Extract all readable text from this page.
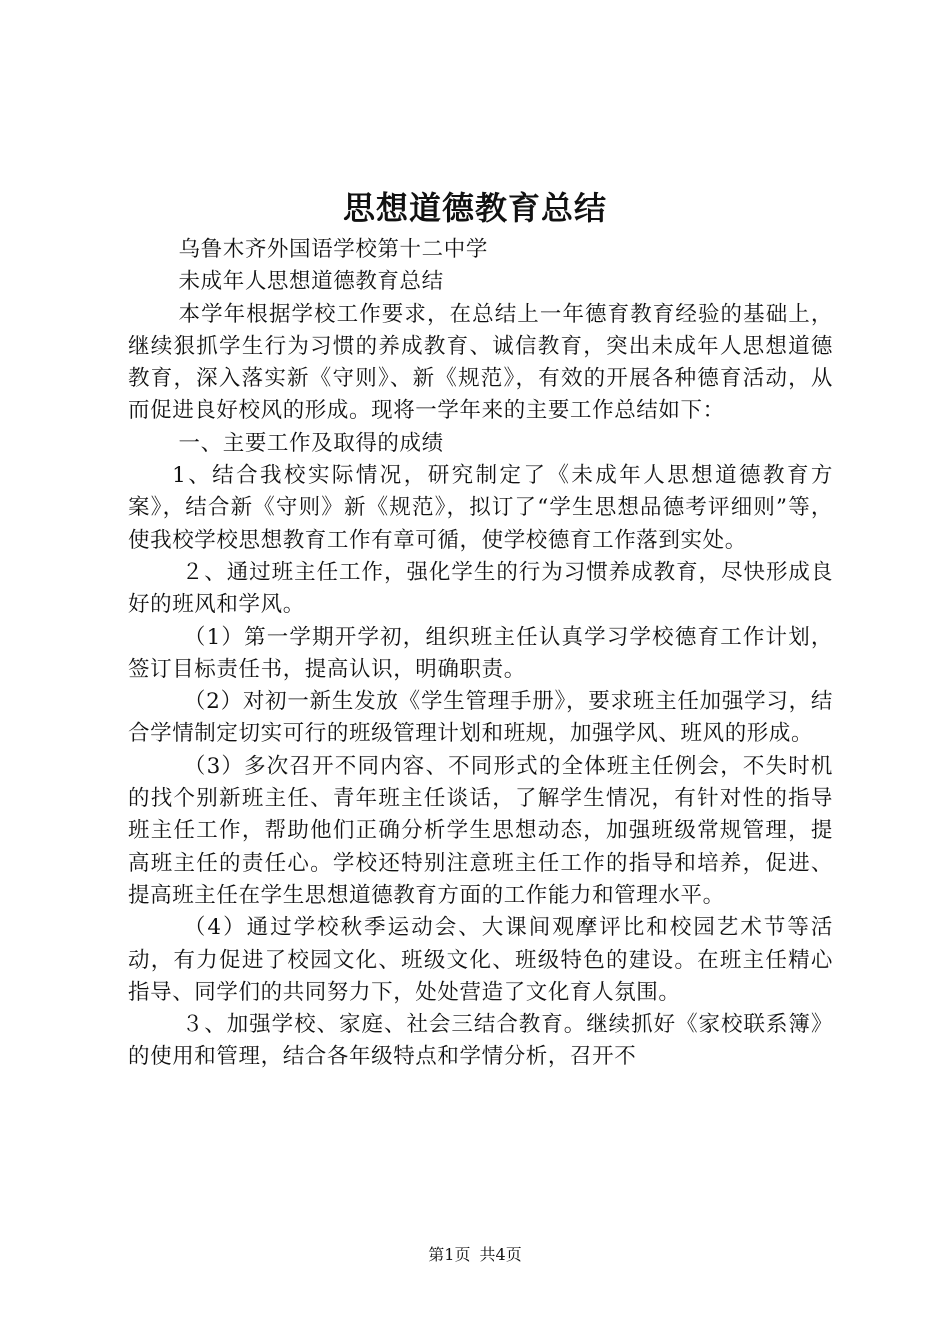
思想道德教育总结

乌鲁木齐外国语学校第十二中学

未成年人思想道德教育总结

本学年根据学校工作要求，在总结上一年德育教育经验的基础上，继续狠抓学生行为习惯的养成教育、诚信教育，突出未成年人思想道德教育，深入落实新《守则》、新《规范》，有效的开展各种德育活动，从而促进良好校风的形成。现将一学年来的主要工作总结如下：

一、主要工作及取得的成绩

1、结合我校实际情况，研究制定了《未成年人思想道德教育方案》，结合新《守则》新《规范》，拟订了“学生思想品德考评细则”等，使我校学校思想教育工作有章可循，使学校德育工作落到实处。

２、通过班主任工作，强化学生的行为习惯养成教育，尽快形成良好的班风和学风。

（1）第一学期开学初，组织班主任认真学习学校德育工作计划，签订目标责任书，提高认识，明确职责。

（2）对初一新生发放《学生管理手册》，要求班主任加强学习，结合学情制定切实可行的班级管理计划和班规，加强学风、班风的形成。

（3）多次召开不同内容、不同形式的全体班主任例会，不失时机的找个别新班主任、青年班主任谈话，了解学生情况，有针对性的指导班主任工作，帮助他们正确分析学生思想动态，加强班级常规管理，提高班主任的责任心。学校还特别注意班主任工作的指导和培养，促进、提高班主任在学生思想道德教育方面的工作能力和管理水平。

（4）通过学校秋季运动会、大课间观摩评比和校园艺术节等活动，有力促进了校园文化、班级文化、班级特色的建设。在班主任精心指导、同学们的共同努力下，处处营造了文化育人氛围。

３、加强学校、家庭、社会三结合教育。继续抓好《家校联系簿》的使用和管理，结合各年级特点和学情分析，召开不

第1页 共4页
